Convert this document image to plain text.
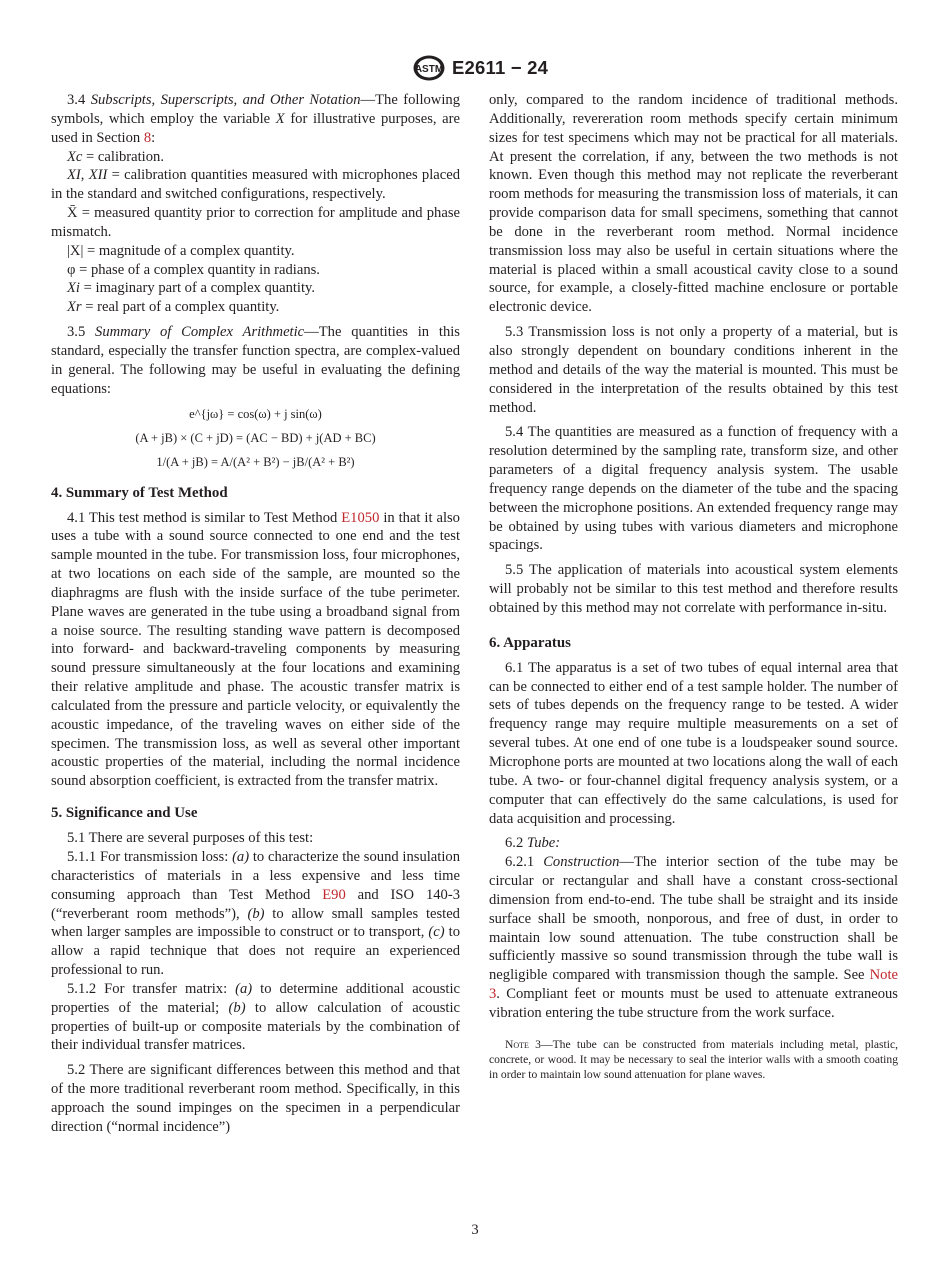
ASTM E2611 − 24

3.4 Subscripts, Superscripts, and Other Notation—The following symbols, which employ the variable X for illustrative purposes, are used in Section 8:

Xc = calibration.

XI, XII = calibration quantities measured with microphones placed in the standard and switched configurations, respectively.

X̄ = measured quantity prior to correction for amplitude and phase mismatch.

|X| = magnitude of a complex quantity.

φ = phase of a complex quantity in radians.

Xi = imaginary part of a complex quantity.

Xr = real part of a complex quantity.

3.5 Summary of Complex Arithmetic—The quantities in this standard, especially the transfer function spectra, are complex-valued in general. The following may be useful in evaluating the defining equations:

e^{jω} = cos(ω) + j sin(ω)
(A + jB) × (C + jD) = (AC − BD) + j(AD + BC)
1/(A + jB) = A/(A² + B²) − jB/(A² + B²)
4. Summary of Test Method

4.1 This test method is similar to Test Method E1050 in that it also uses a tube with a sound source connected to one end and the test sample mounted in the tube. For transmission loss, four microphones, at two locations on each side of the sample, are mounted so the diaphragms are flush with the inside surface of the tube perimeter. Plane waves are generated in the tube using a broadband signal from a noise source. The resulting standing wave pattern is decomposed into forward- and backward-traveling components by measuring sound pressure simultaneously at the four locations and examining their relative amplitude and phase. The acoustic transfer matrix is calculated from the pressure and particle velocity, or equivalently the acoustic impedance, of the traveling waves on either side of the specimen. The transmission loss, as well as several other important acoustic properties of the material, including the normal incidence sound absorption coefficient, is extracted from the transfer matrix.

5. Significance and Use

5.1 There are several purposes of this test:

5.1.1 For transmission loss: (a) to characterize the sound insulation characteristics of materials in a less expensive and less time consuming approach than Test Method E90 and ISO 140-3 (“reverberant room methods”), (b) to allow small samples tested when larger samples are impossible to construct or to transport, (c) to allow a rapid technique that does not require an experienced professional to run.

5.1.2 For transfer matrix: (a) to determine additional acoustic properties of the material; (b) to allow calculation of acoustic properties of built-up or composite materials by the combination of their individual transfer matrices.

5.2 There are significant differences between this method and that of the more traditional reverberant room method. Specifically, in this approach the sound impinges on the specimen in a perpendicular direction (“normal incidence”)

only, compared to the random incidence of traditional methods. Additionally, revereration room methods specify certain minimum sizes for test specimens which may not be practical for all materials. At present the correlation, if any, between the two methods is not known. Even though this method may not replicate the reverberant room methods for measuring the transmission loss of materials, it can provide comparison data for small specimens, something that cannot be done in the reverberant room method. Normal incidence transmission loss may also be useful in certain situations where the material is placed within a small acoustical cavity close to a sound source, for example, a closely-fitted machine enclosure or portable electronic device.

5.3 Transmission loss is not only a property of a material, but is also strongly dependent on boundary conditions inherent in the method and details of the way the material is mounted. This must be considered in the interpretation of the results obtained by this test method.

5.4 The quantities are measured as a function of frequency with a resolution determined by the sampling rate, transform size, and other parameters of a digital frequency analysis system. The usable frequency range depends on the diameter of the tube and the spacing between the microphone positions. An extended frequency range may be obtained by using tubes with various diameters and microphone spacings.

5.5 The application of materials into acoustical system elements will probably not be similar to this test method and therefore results obtained by this method may not correlate with performance in-situ.

6. Apparatus

6.1 The apparatus is a set of two tubes of equal internal area that can be connected to either end of a test sample holder. The number of sets of tubes depends on the frequency range to be tested. A wider frequency range may require multiple measurements on a set of several tubes. At one end of one tube is a loudspeaker sound source. Microphone ports are mounted at two locations along the wall of each tube. A two- or four-channel digital frequency analysis system, or a computer that can effectively do the same calculations, is used for data acquisition and processing.

6.2 Tube:

6.2.1 Construction—The interior section of the tube may be circular or rectangular and shall have a constant cross-sectional dimension from end-to-end. The tube shall be straight and its inside surface shall be smooth, nonporous, and free of dust, in order to maintain low sound attenuation. The tube construction shall be sufficiently massive so sound transmission through the tube wall is negligible compared with transmission though the sample. See Note 3. Compliant feet or mounts must be used to attenuate extraneous vibration entering the tube structure from the work surface.

Note 3—The tube can be constructed from materials including metal, plastic, concrete, or wood. It may be necessary to seal the interior walls with a smooth coating in order to maintain low sound attenuation for plane waves.

3
